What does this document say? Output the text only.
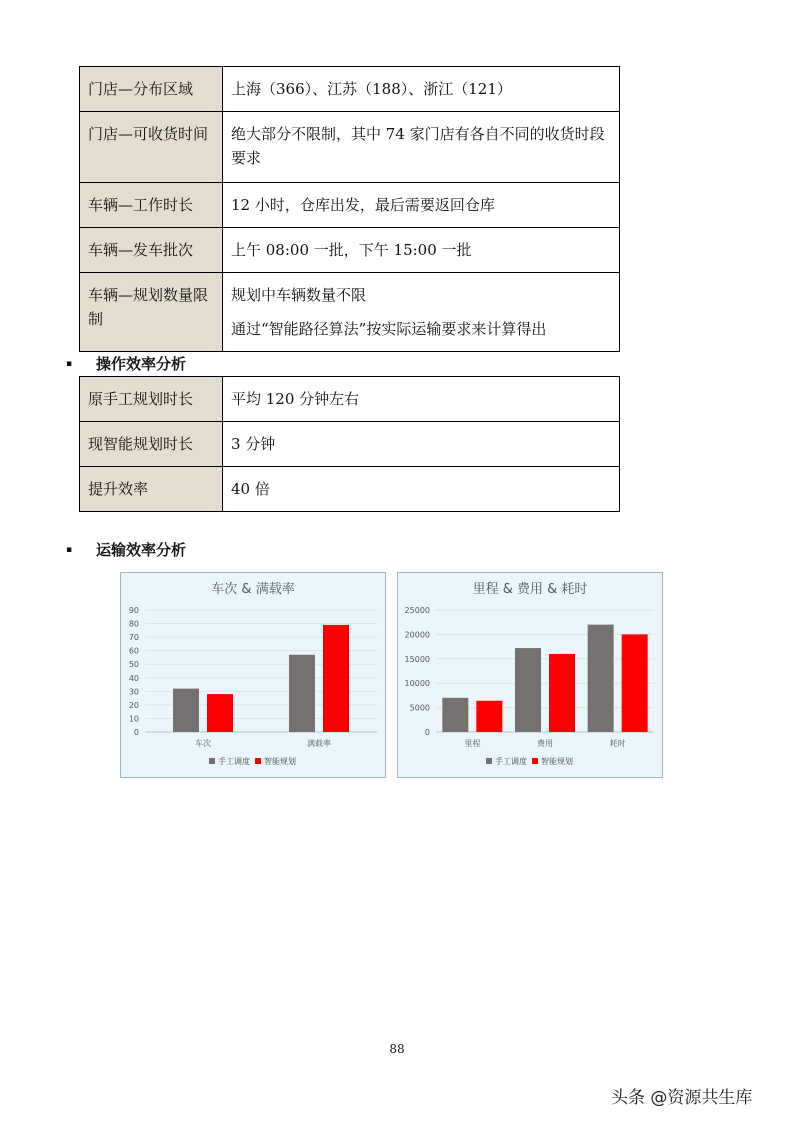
门店—分布区域	上海（366）、江苏（188）、浙江（121）

门店—可收货时间	绝大部分不限制，其中 74 家门店有各自不同的收货时段要求

车辆—工作时长	12 小时，仓库出发，最后需要返回仓库

车辆—发车批次	上午 08:00 一批，下午 15:00 一批

车辆—规划数量限制	规划中车辆数量不限
通过“智能路径算法”按实际运输要求来计算得出
▪	操作效率分析
原手工规划时长	平均 120 分钟左右
现智能规划时长	3 分钟
提升效率	40 倍
▪	运输效率分析
车次 & 满载率
0
10
20
30
40
50
60
70
80
90
车次	满载率
手工调度 智能规划
里程 & 费用 & 耗时
0
5000
10000
15000
20000
25000
里程	费用	耗时
手工调度 智能规划
88
头条 @资源共生库
